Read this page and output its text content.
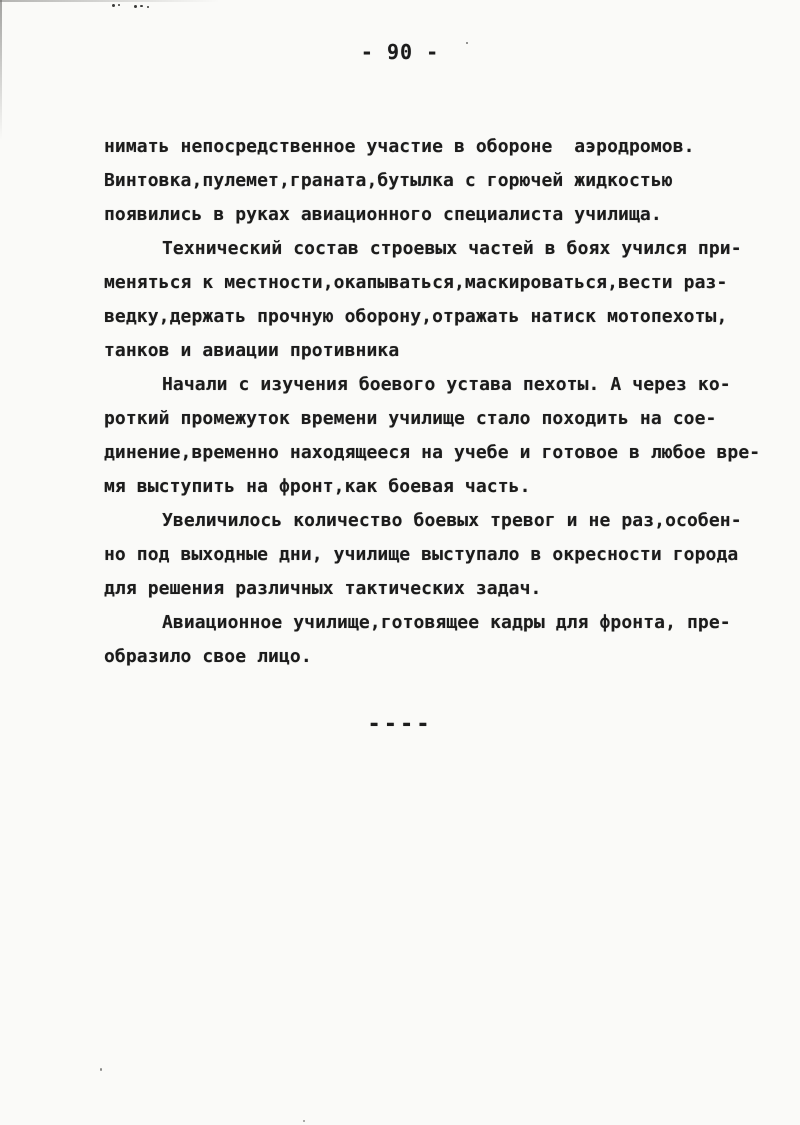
- 90 -
нимать непосредственное участие в обороне  аэродромов.
Винтовка,пулемет,граната,бутылка с горючей жидкостью
появились в руках авиационного специалиста училища.
Технический состав строевых частей в боях учился при-
меняться к местности,окапываться,маскироваться,вести раз-
ведку,держать прочную оборону,отражать натиск мотопехоты,
танков и авиации противника
Начали с изучения боевого устава пехоты. А через ко-
роткий промежуток времени училище стало походить на сое-
динение,временно находящееся на учебе и готовое в любое вре-
мя выступить на фронт,как боевая часть.
Увеличилось количество боевых тревог и не раз,особен-
но под выходные дни, училище выступало в окресности города
для решения различных тактических задач.
Авиационное училище,готовящее кадры для фронта, пре-
образило свое лицо.
----
